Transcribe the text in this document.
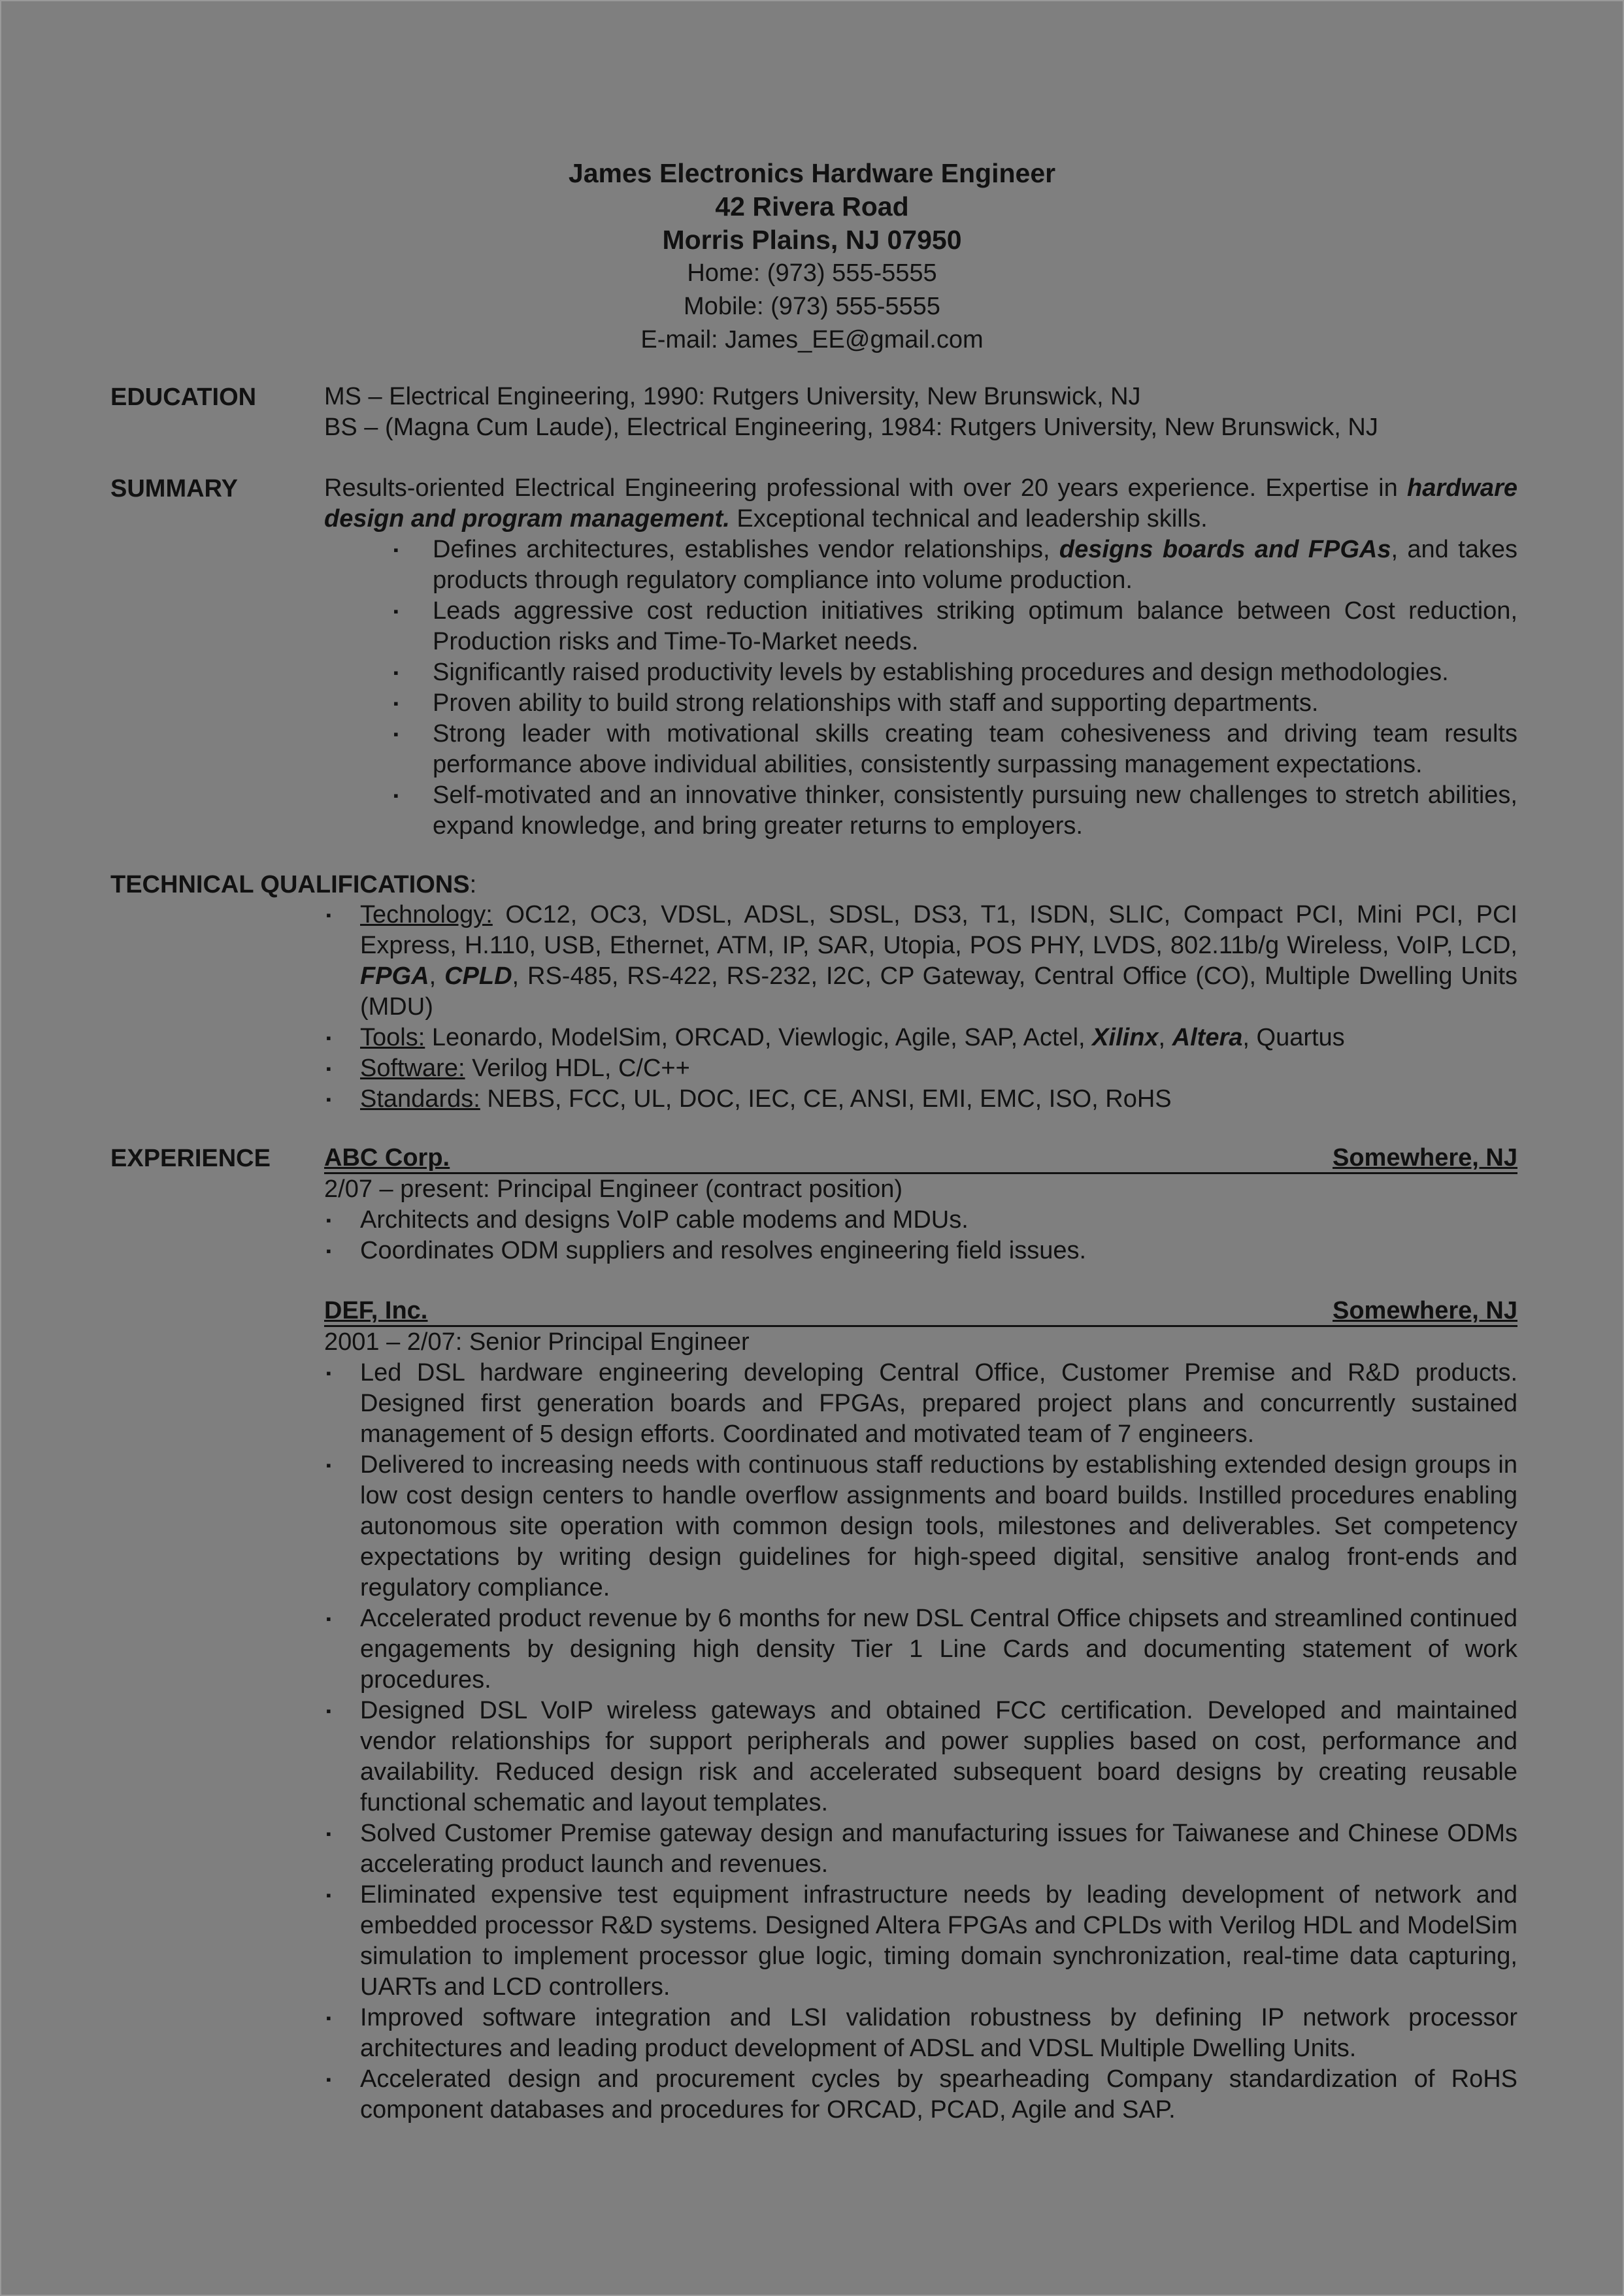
James Electronics Hardware Engineer
42 Rivera Road
Morris Plains, NJ 07950
Home: (973) 555-5555
Mobile: (973) 555-5555
E-mail: James_EE@gmail.com
EDUCATION	MS – Electrical Engineering, 1990: Rutgers University, New Brunswick, NJ
BS – (Magna Cum Laude), Electrical Engineering, 1984: Rutgers University, New Brunswick, NJ
SUMMARY	Results-oriented Electrical Engineering professional with over 20 years experience. Expertise in hardware design and program management. Exceptional technical and leadership skills.
▪ Defines architectures, establishes vendor relationships, designs boards and FPGAs, and takes products through regulatory compliance into volume production.
▪ Leads aggressive cost reduction initiatives striking optimum balance between Cost reduction, Production risks and Time-To-Market needs.
▪ Significantly raised productivity levels by establishing procedures and design methodologies.
▪ Proven ability to build strong relationships with staff and supporting departments.
▪ Strong leader with motivational skills creating team cohesiveness and driving team results performance above individual abilities, consistently surpassing management expectations.
▪ Self-motivated and an innovative thinker, consistently pursuing new challenges to stretch abilities, expand knowledge, and bring greater returns to employers.
TECHNICAL QUALIFICATIONS:
▪ Technology: OC12, OC3, VDSL, ADSL, SDSL, DS3, T1, ISDN, SLIC, Compact PCI, Mini PCI, PCI Express, H.110, USB, Ethernet, ATM, IP, SAR, Utopia, POS PHY, LVDS, 802.11b/g Wireless, VoIP, LCD, FPGA, CPLD, RS-485, RS-422, RS-232, I2C, CP Gateway, Central Office (CO), Multiple Dwelling Units (MDU)
▪ Tools: Leonardo, ModelSim, ORCAD, Viewlogic, Agile, SAP, Actel, Xilinx, Altera, Quartus
▪ Software: Verilog HDL, C/C++
▪ Standards: NEBS, FCC, UL, DOC, IEC, CE, ANSI, EMI, EMC, ISO, RoHS
EXPERIENCE ABC Corp.	Somewhere, NJ
2/07 – present: Principal Engineer (contract position)
▪ Architects and designs VoIP cable modems and MDUs.
▪ Coordinates ODM suppliers and resolves engineering field issues.
DEF, Inc.	Somewhere, NJ
2001 – 2/07: Senior Principal Engineer
▪ Led DSL hardware engineering developing Central Office, Customer Premise and R&D products. Designed first generation boards and FPGAs, prepared project plans and concurrently sustained management of 5 design efforts. Coordinated and motivated team of 7 engineers.
▪ Delivered to increasing needs with continuous staff reductions by establishing extended design groups in low cost design centers to handle overflow assignments and board builds. Instilled procedures enabling autonomous site operation with common design tools, milestones and deliverables. Set competency expectations by writing design guidelines for high-speed digital, sensitive analog front-ends and regulatory compliance.
▪ Accelerated product revenue by 6 months for new DSL Central Office chipsets and streamlined continued engagements by designing high density Tier 1 Line Cards and documenting statement of work procedures.
▪ Designed DSL VoIP wireless gateways and obtained FCC certification. Developed and maintained vendor relationships for support peripherals and power supplies based on cost, performance and availability. Reduced design risk and accelerated subsequent board designs by creating reusable functional schematic and layout templates.
▪ Solved Customer Premise gateway design and manufacturing issues for Taiwanese and Chinese ODMs accelerating product launch and revenues.
▪ Eliminated expensive test equipment infrastructure needs by leading development of network and embedded processor R&D systems. Designed Altera FPGAs and CPLDs with Verilog HDL and ModelSim simulation to implement processor glue logic, timing domain synchronization, real-time data capturing, UARTs and LCD controllers.
▪ Improved software integration and LSI validation robustness by defining IP network processor architectures and leading product development of ADSL and VDSL Multiple Dwelling Units.
▪ Accelerated design and procurement cycles by spearheading Company standardization of RoHS component databases and procedures for ORCAD, PCAD, Agile and SAP.
